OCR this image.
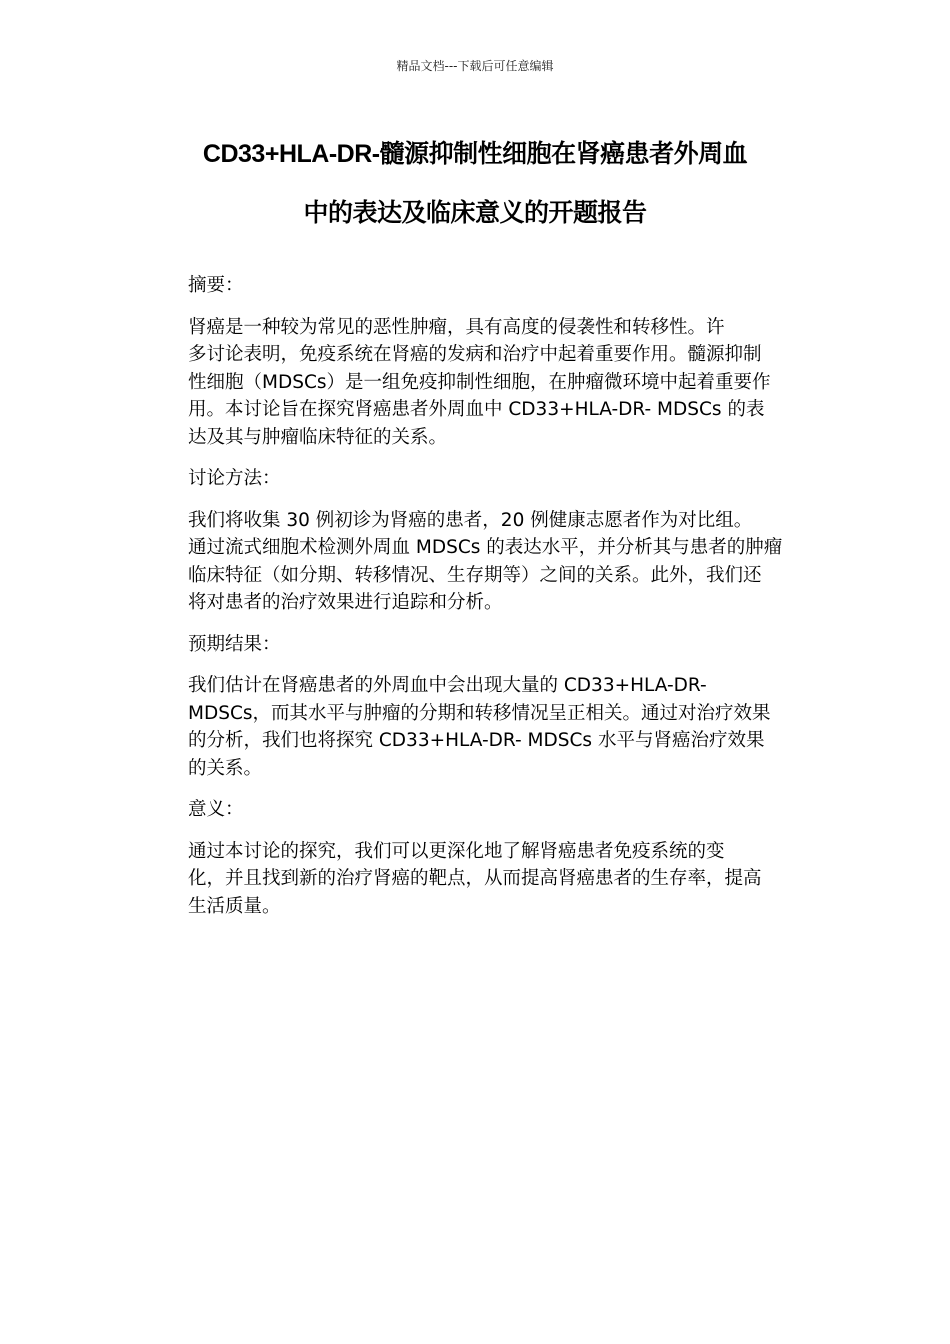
精品文档---下载后可任意编辑
CD33+HLA-DR-髓源抑制性细胞在肾癌患者外周血
中的表达及临床意义的开题报告

摘要：

肾癌是一种较为常见的恶性肿瘤，具有高度的侵袭性和转移性。许
多讨论表明，免疫系统在肾癌的发病和治疗中起着重要作用。髓源抑制
性细胞（MDSCs）是一组免疫抑制性细胞，在肿瘤微环境中起着重要作
用。本讨论旨在探究肾癌患者外周血中 CD33+HLA-DR- MDSCs 的表
达及其与肿瘤临床特征的关系。

讨论方法：

我们将收集 30 例初诊为肾癌的患者，20 例健康志愿者作为对比组。
通过流式细胞术检测外周血 MDSCs 的表达水平，并分析其与患者的肿瘤
临床特征（如分期、转移情况、生存期等）之间的关系。此外，我们还
将对患者的治疗效果进行追踪和分析。

预期结果：

我们估计在肾癌患者的外周血中会出现大量的 CD33+HLA-DR-
MDSCs，而其水平与肿瘤的分期和转移情况呈正相关。通过对治疗效果
的分析，我们也将探究 CD33+HLA-DR- MDSCs 水平与肾癌治疗效果
的关系。

意义：

通过本讨论的探究，我们可以更深化地了解肾癌患者免疫系统的变
化，并且找到新的治疗肾癌的靶点，从而提高肾癌患者的生存率，提高
生活质量。
